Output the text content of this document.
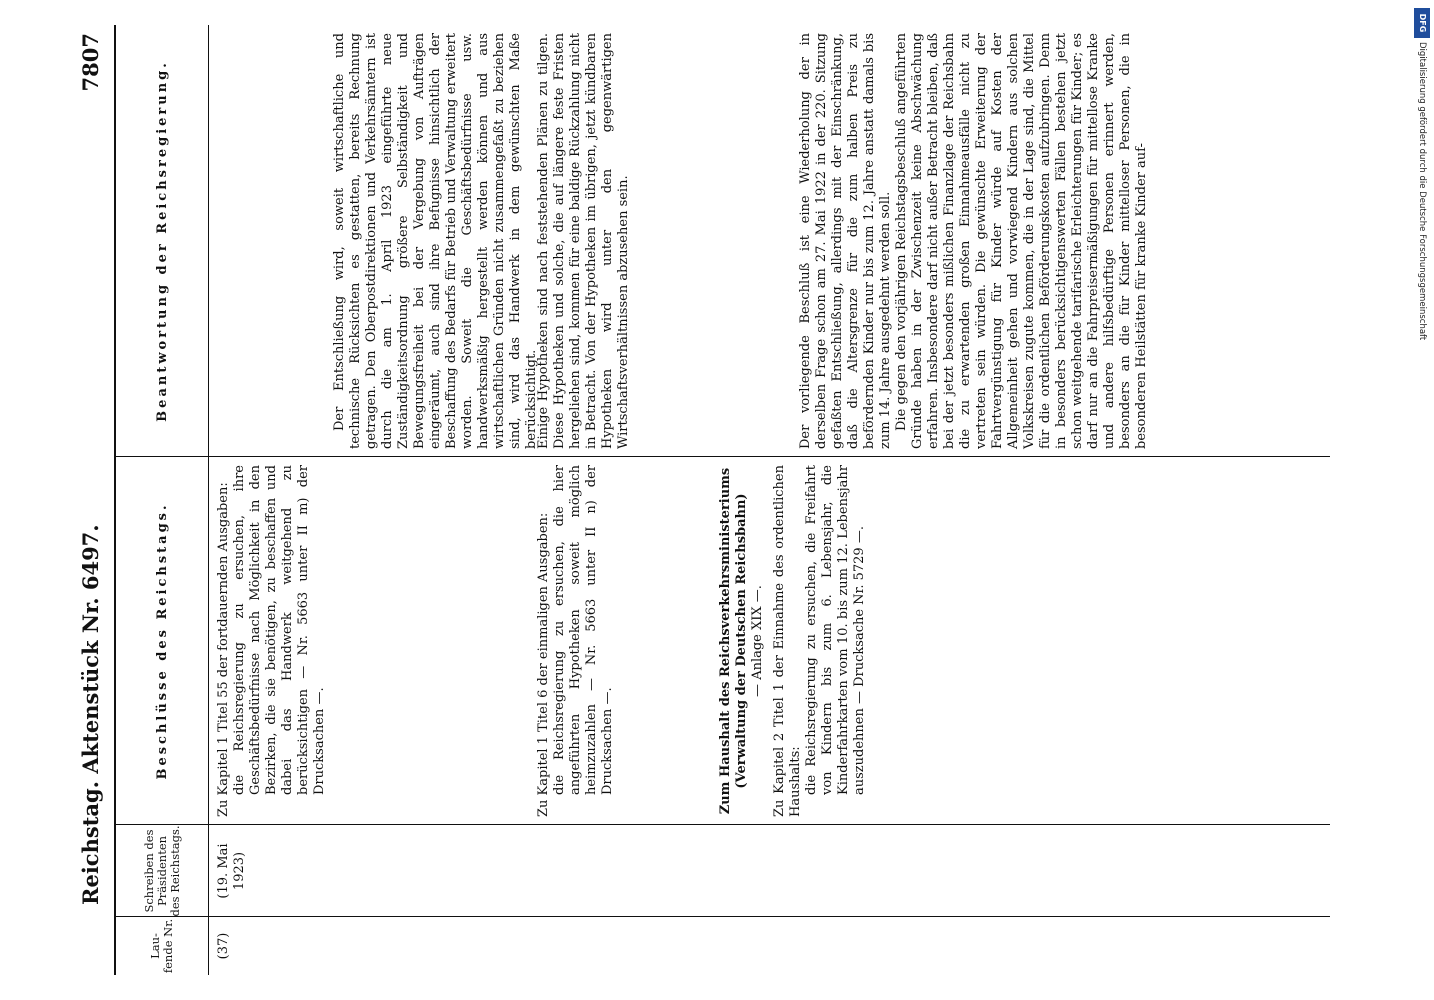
Reichstag. Aktenstück Nr. 6497.
7807
Lau- fende Nr.
Schreiben des Präsidenten des Reichstags.
Beschlüsse des Reichstags.
Beantwortung der Reichsregierung.
(37)
(19. Mai 1923)

Zu Kapitel 1 Titel 55 der fortdauernden Ausgaben: die Reichsregierung zu ersuchen, ihre Geschäftsbedürfnisse nach Möglichkeit in den Bezirken, die sie benötigen, zu beschaffen und dabei das Handwerk weitgehend zu berücksichtigen — Nr. 5663 unter II m) der Drucksachen —.

Der Entschließung wird, soweit wirtschaftliche und technische Rücksichten es gestatten, bereits Rechnung getragen. Den Oberpostdirektionen und Verkehrsämtern ist durch die am 1. April 1923 eingeführte neue Zuständigkeitsordnung größere Selbständigkeit und Bewegungsfreiheit bei der Vergebung von Aufträgen eingeräumt, auch sind ihre Befugnisse hinsichtlich der Beschaffung des Bedarfs für Betrieb und Verwaltung erweitert worden. Soweit die Geschäftsbedürfnisse usw. handwerksmäßig hergestellt werden können und aus wirtschaftlichen Gründen nicht zusammengefaßt zu beziehen sind, wird das Handwerk in dem gewünschten Maße berücksichtigt.

Zu Kapitel 1 Titel 6 der einmaligen Ausgaben: die Reichsregierung zu ersuchen, die hier angeführten Hypotheken soweit möglich heimzuzahlen — Nr. 5663 unter II n) der Drucksachen —.

Einige Hypotheken sind nach feststehenden Plänen zu tilgen. Diese Hypotheken und solche, die auf längere feste Fristen hergeliehen sind, kommen für eine baldige Rückzahlung nicht in Betracht. Von der Hypotheken im übrigen, jetzt kündbaren Hypotheken wird unter den gegenwärtigen Wirtschaftsverhältnissen abzusehen sein.

Zum Haushalt des Reichsverkehrsministeriums (Verwaltung der Deutschen Reichsbahn) — Anlage XIX —. Zu Kapitel 2 Titel 1 der Einnahme des ordentlichen Haushalts: die Reichsregierung zu ersuchen, die Freifahrt von Kindern bis zum 6. Lebensjahr, die Kinderfahrkarten vom 10. bis zum 12. Lebensjahr auszudehnen — Drucksache Nr. 5729 —.

Der vorliegende Beschluß ist eine Wiederholung der in derselben Frage schon am 27. Mai 1922 in der 220. Sitzung gefaßten Entschließung, allerdings mit der Einschränkung, daß die Altersgrenze für die zum halben Preis zu befördernden Kinder nur bis zum 12. Jahre anstatt damals bis zum 14. Jahre ausgedehnt werden soll. Die gegen den vorjährigen Reichstagsbeschluß angeführten Gründe haben in der Zwischenzeit keine Abschwächung erfahren. Insbesondere darf nicht außer Betracht bleiben, daß bei der jetzt besonders mißlichen Finanzlage der Reichsbahn die zu erwartenden großen Einnahmeausfälle nicht zu vertreten sein würden. Die gewünschte Erweiterung der Fahrtvergünstigung für Kinder würde auf Kosten der Allgemeinheit gehen und vorwiegend Kindern aus solchen Volkskreisen zugute kommen, die in der Lage sind, die Mittel für die ordentlichen Beförderungskosten aufzubringen. Denn in besonders berücksichtigenswerten Fällen bestehen jetzt schon weitgehende tarifarische Erleichterungen für Kinder; es darf nur an die Fahrpreisermäßigungen für mittellose Kranke und andere hilfsbedürftige Personen erinnert werden, besonders an die für Kinder mittelloser Personen, die in besonderen Heilstätten für kranke Kinder auf-

DFG
Digitalisierung gefördert durch die Deutsche Forschungsgemeinschaft
